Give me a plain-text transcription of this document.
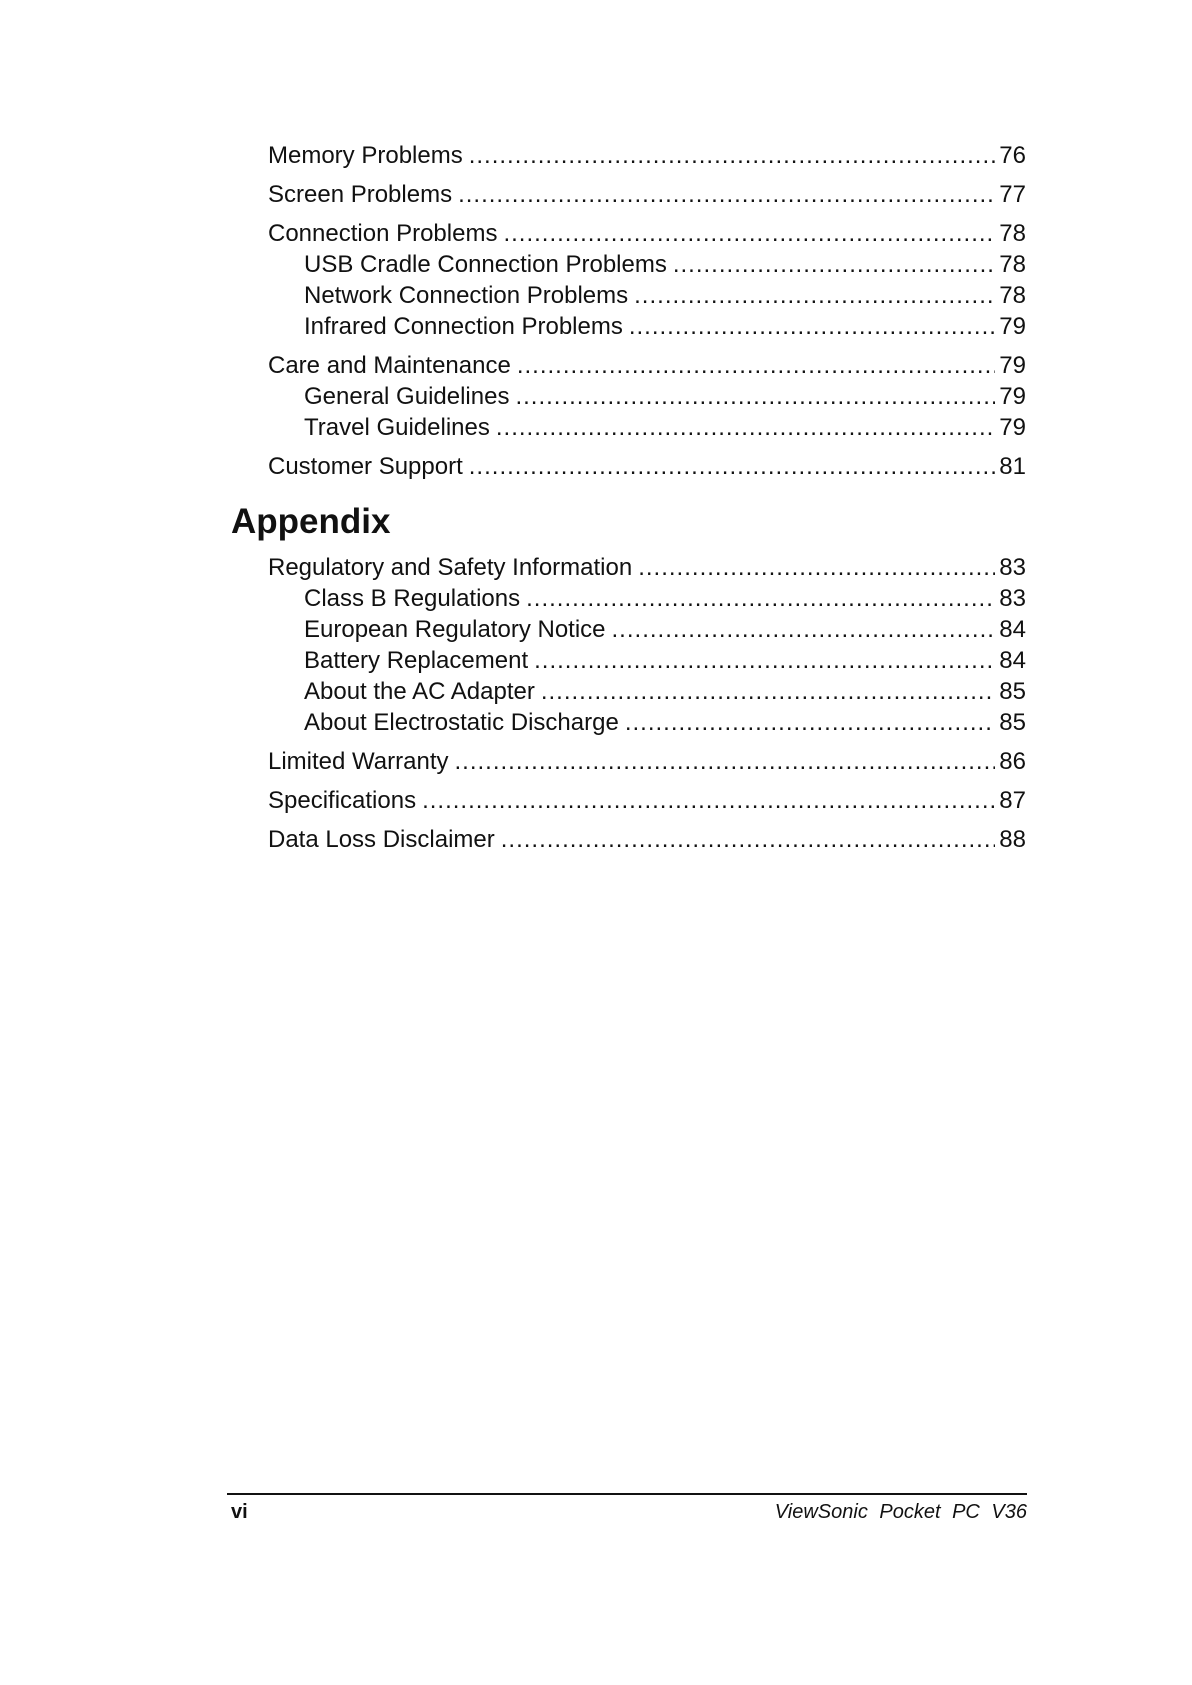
Memory Problems .....	76
Screen Problems .....	77
Connection Problems .....	78
USB Cradle Connection Problems .....	78
Network Connection Problems .....	78
Infrared Connection Problems .....	79
Care and Maintenance .....	79
General Guidelines .....	79
Travel Guidelines .....	79
Customer Support .....	81
Appendix
Regulatory and Safety Information .....	83
Class B Regulations .....	83
European Regulatory Notice .....	84
Battery Replacement .....	84
About the AC Adapter .....	85
About Electrostatic Discharge .....	85
Limited Warranty .....	86
Specifications .....	87
Data Loss Disclaimer .....	88
vi	ViewSonic Pocket PC V36
